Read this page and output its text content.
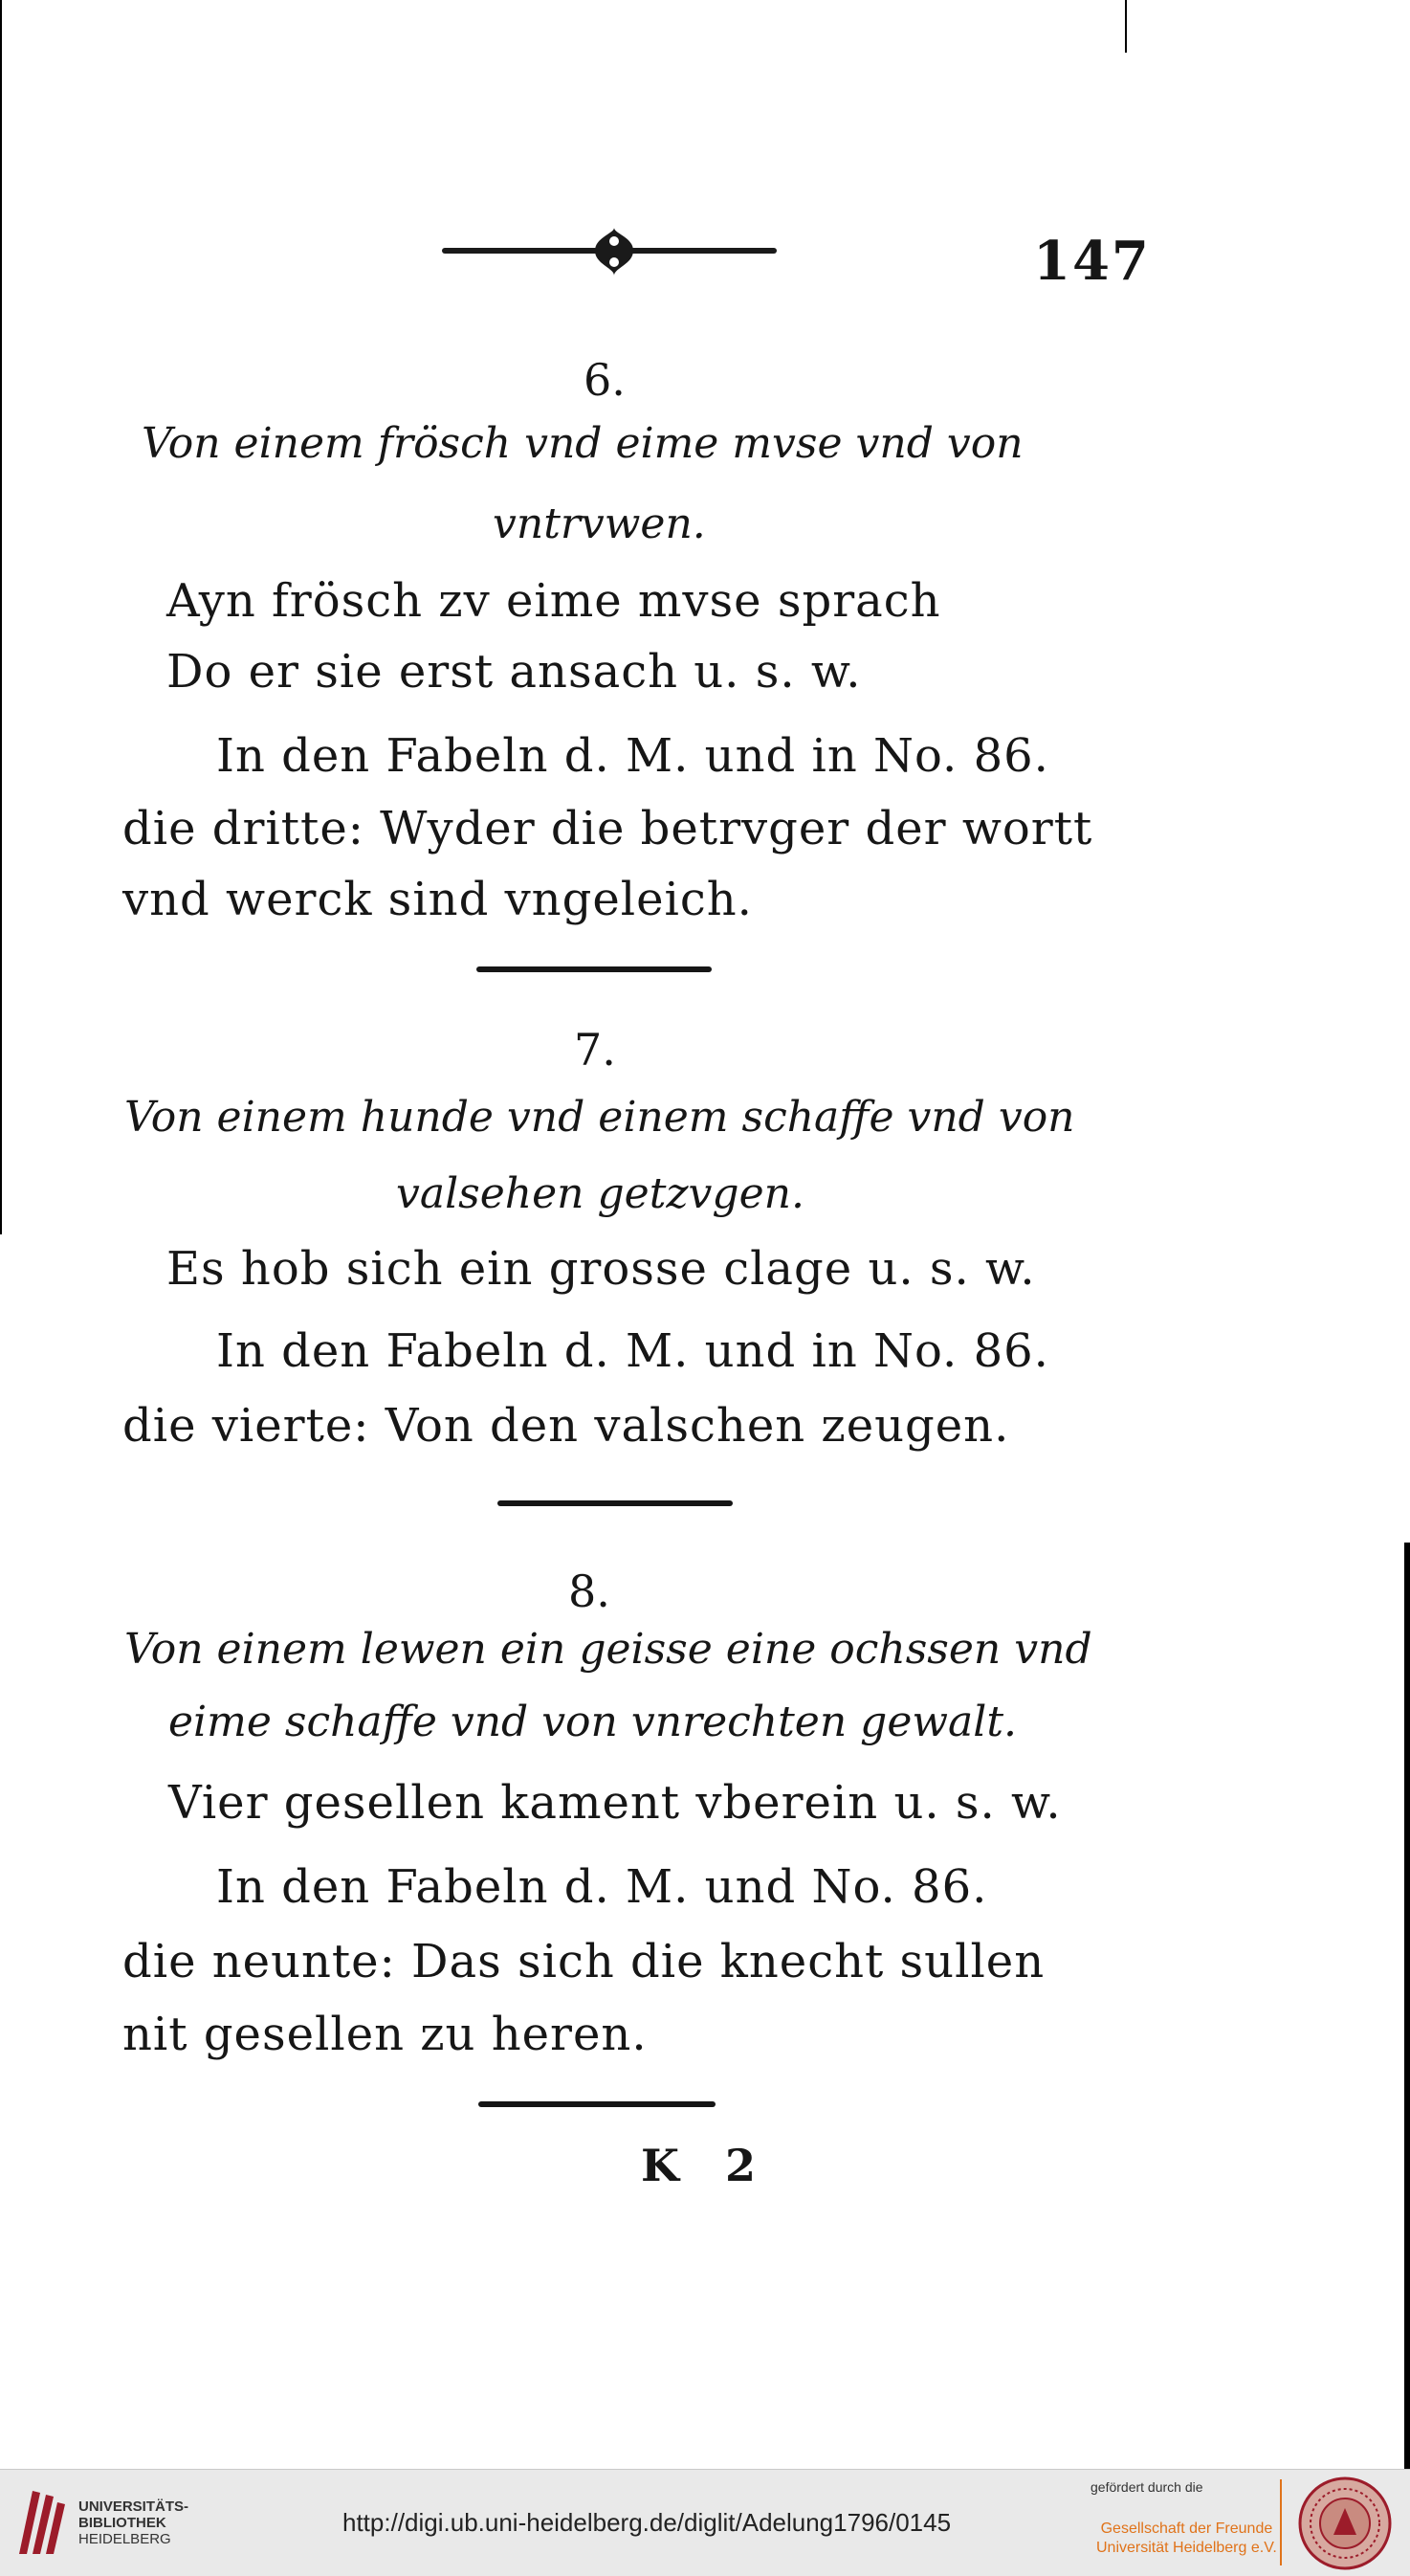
147
6.
Von einem frösch vnd eime mvse vnd von
vntrvwen.
Ayn frösch zv eime mvse sprach
Do er sie erst ansach u. s. w.
In den Fabeln d. M. und in No. 86.
die dritte: Wyder die betrvger der wortt
vnd werck sind vngeleich.
7.
Von einem hunde vnd einem schaffe vnd von
valsehen getzvgen.
Es hob sich ein grosse clage u. s. w.
In den Fabeln d. M. und in No. 86.
die vierte: Von den valschen zeugen.
8.
Von einem lewen ein geisse eine ochssen vnd
eime schaffe vnd von vnrechten gewalt.
Vier gesellen kament vberein u. s. w.
In den Fabeln d. M. und No. 86.
die neunte: Das sich die knecht sullen
nit gesellen zu heren.
K 2
UNIVERSITÄTS-
BIBLIOTHEK
HEIDELBERG
http://digi.ub.uni-heidelberg.de/diglit/Adelung1796/0145
gefördert durch die
Gesellschaft der Freunde
Universität Heidelberg e.V.
